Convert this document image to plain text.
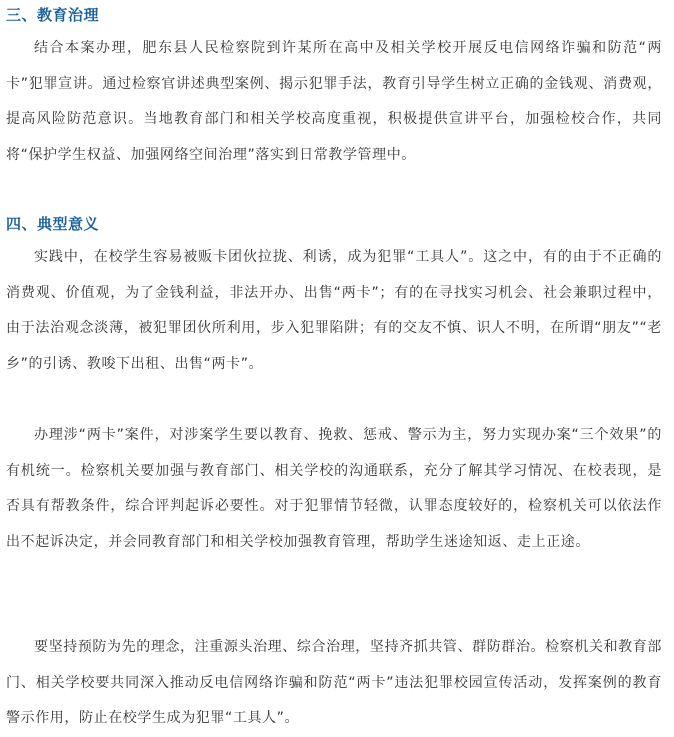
三、教育治理

结合本案办理，肥东县人民检察院到许某所在高中及相关学校开展反电信网络诈骗和防范“两卡”犯罪宣讲。通过检察官讲述典型案例、揭示犯罪手法，教育引导学生树立正确的金钱观、消费观，提高风险防范意识。当地教育部门和相关学校高度重视，积极提供宣讲平台，加强检校合作，共同将“保护学生权益、加强网络空间治理”落实到日常教学管理中。

四、典型意义

实践中，在校学生容易被贩卡团伙拉拢、利诱，成为犯罪“工具人”。这之中，有的由于不正确的消费观、价值观，为了金钱利益，非法开办、出售“两卡”；有的在寻找实习机会、社会兼职过程中，由于法治观念淡薄，被犯罪团伙所利用，步入犯罪陷阱；有的交友不慎、识人不明，在所谓“朋友”“老乡”的引诱、教唆下出租、出售“两卡”。

办理涉“两卡”案件，对涉案学生要以教育、挽救、惩戒、警示为主，努力实现办案“三个效果”的有机统一。检察机关要加强与教育部门、相关学校的沟通联系，充分了解其学习情况、在校表现，是否具有帮教条件，综合评判起诉必要性。对于犯罪情节轻微，认罪态度较好的，检察机关可以依法作出不起诉决定，并会同教育部门和相关学校加强教育管理，帮助学生迷途知返、走上正途。

要坚持预防为先的理念，注重源头治理、综合治理，坚持齐抓共管、群防群治。检察机关和教育部门、相关学校要共同深入推动反电信网络诈骗和防范“两卡”违法犯罪校园宣传活动，发挥案例的教育警示作用，防止在校学生成为犯罪“工具人”。
